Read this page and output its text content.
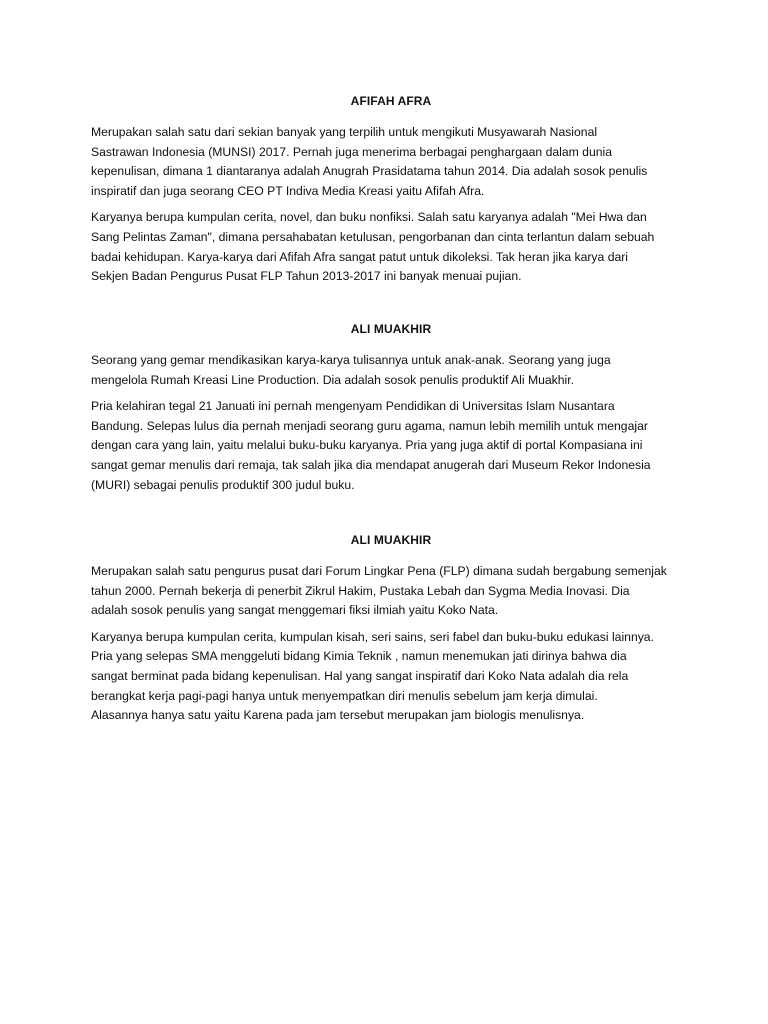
AFIFAH AFRA

Merupakan salah satu dari sekian banyak yang terpilih untuk mengikuti Musyawarah Nasional
Sastrawan Indonesia (MUNSI) 2017. Pernah juga menerima berbagai penghargaan dalam dunia
kepenulisan, dimana 1 diantaranya adalah Anugrah Prasidatama tahun 2014. Dia adalah sosok penulis
inspiratif dan juga seorang CEO PT Indiva Media Kreasi yaitu Afifah Afra.

Karyanya berupa kumpulan cerita, novel, dan buku nonfiksi. Salah satu karyanya adalah "Mei Hwa dan
Sang Pelintas Zaman", dimana persahabatan ketulusan, pengorbanan dan cinta terlantun dalam sebuah
badai kehidupan. Karya-karya dari Afifah Afra sangat patut untuk dikoleksi. Tak heran jika karya dari
Sekjen Badan Pengurus Pusat FLP Tahun 2013-2017 ini banyak menuai pujian.

ALI MUAKHIR

Seorang yang gemar mendikasikan karya-karya tulisannya untuk anak-anak. Seorang yang juga
mengelola Rumah Kreasi Line Production. Dia adalah sosok penulis produktif Ali Muakhir.

Pria kelahiran tegal 21 Januati ini pernah mengenyam Pendidikan di Universitas Islam Nusantara
Bandung. Selepas lulus dia pernah menjadi seorang guru agama, namun lebih memilih untuk mengajar
dengan cara yang lain, yaitu melalui buku-buku karyanya. Pria yang juga aktif di portal Kompasiana ini
sangat gemar menulis dari remaja, tak salah jika dia mendapat anugerah dari Museum Rekor Indonesia
(MURI) sebagai penulis produktif 300 judul buku.

ALI MUAKHIR

Merupakan salah satu pengurus pusat dari Forum Lingkar Pena (FLP) dimana sudah bergabung semenjak
tahun 2000. Pernah bekerja di penerbit Zikrul Hakim, Pustaka Lebah dan Sygma Media Inovasi. Dia
adalah sosok penulis yang sangat menggemari fiksi ilmiah yaitu Koko Nata.

Karyanya berupa kumpulan cerita, kumpulan kisah, seri sains, seri fabel dan buku-buku edukasi lainnya.
Pria yang selepas SMA menggeluti bidang Kimia Teknik , namun menemukan jati dirinya bahwa dia
sangat berminat pada bidang kepenulisan. Hal yang sangat inspiratif dari Koko Nata adalah dia rela
berangkat kerja pagi-pagi hanya untuk menyempatkan diri menulis sebelum jam kerja dimulai.
Alasannya hanya satu yaitu Karena pada jam tersebut merupakan jam biologis menulisnya.
